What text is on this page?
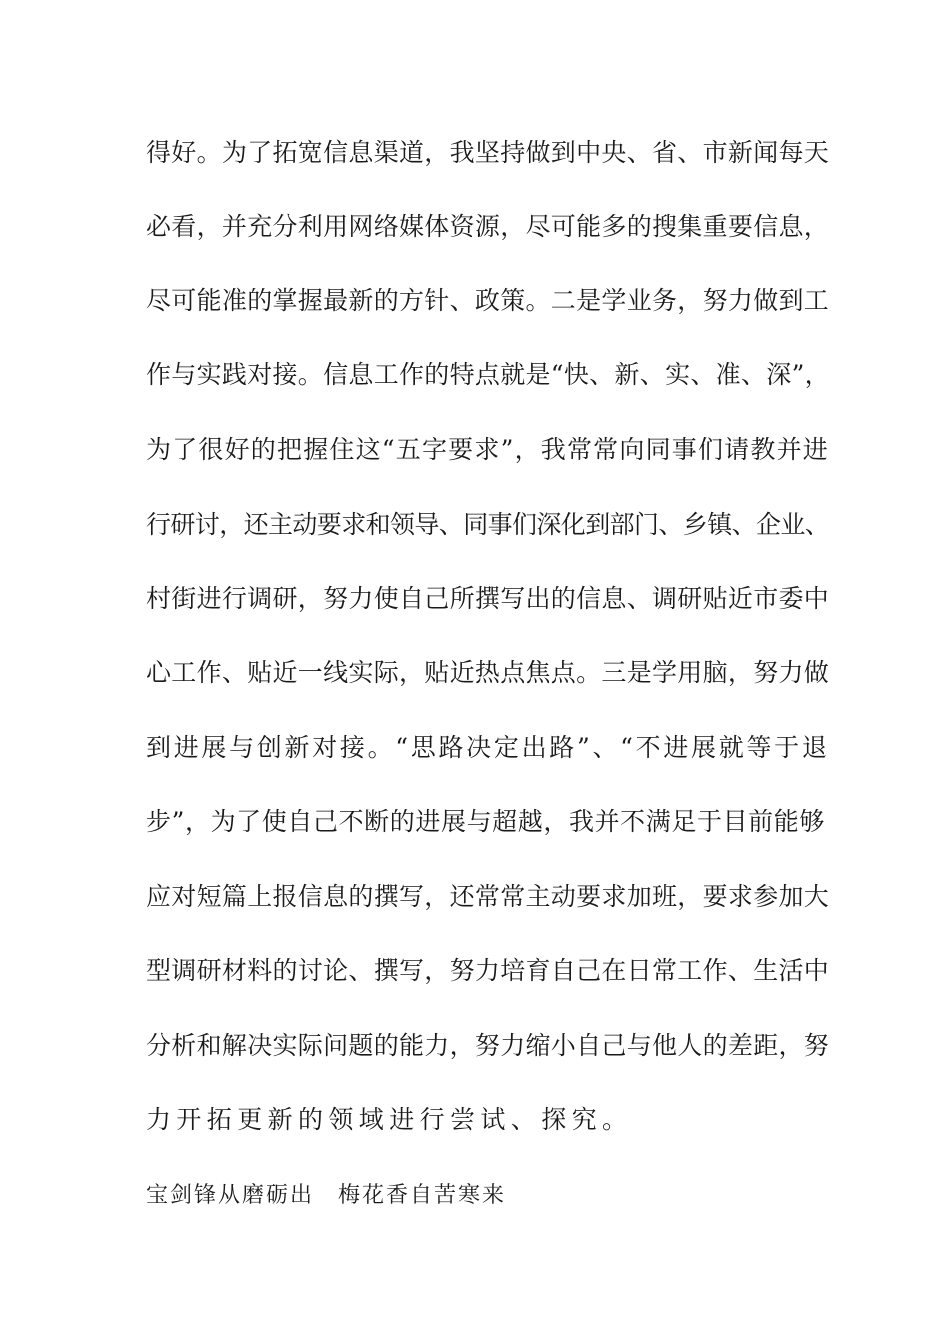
得好。为了拓宽信息渠道，我坚持做到中央、省、市新闻每天
必看，并充分利用网络媒体资源，尽可能多的搜集重要信息，
尽可能准的掌握最新的方针、政策。二是学业务，努力做到工
作与实践对接。信息工作的特点就是“快、新、实、准、深”，
为了很好的把握住这“五字要求”，我常常向同事们请教并进
行研讨，还主动要求和领导、同事们深化到部门、乡镇、企业、
村街进行调研，努力使自己所撰写出的信息、调研贴近市委中
心工作、贴近一线实际，贴近热点焦点。三是学用脑，努力做
到进展与创新对接。“思路决定出路”、“不进展就等于退
步”，为了使自己不断的进展与超越，我并不满足于目前能够
应对短篇上报信息的撰写，还常常主动要求加班，要求参加大
型调研材料的讨论、撰写，努力培育自己在日常工作、生活中
分析和解决实际问题的能力，努力缩小自己与他人的差距，努
力开拓更新的领域进行尝试、探究。
宝剑锋从磨砺出　梅花香自苦寒来
